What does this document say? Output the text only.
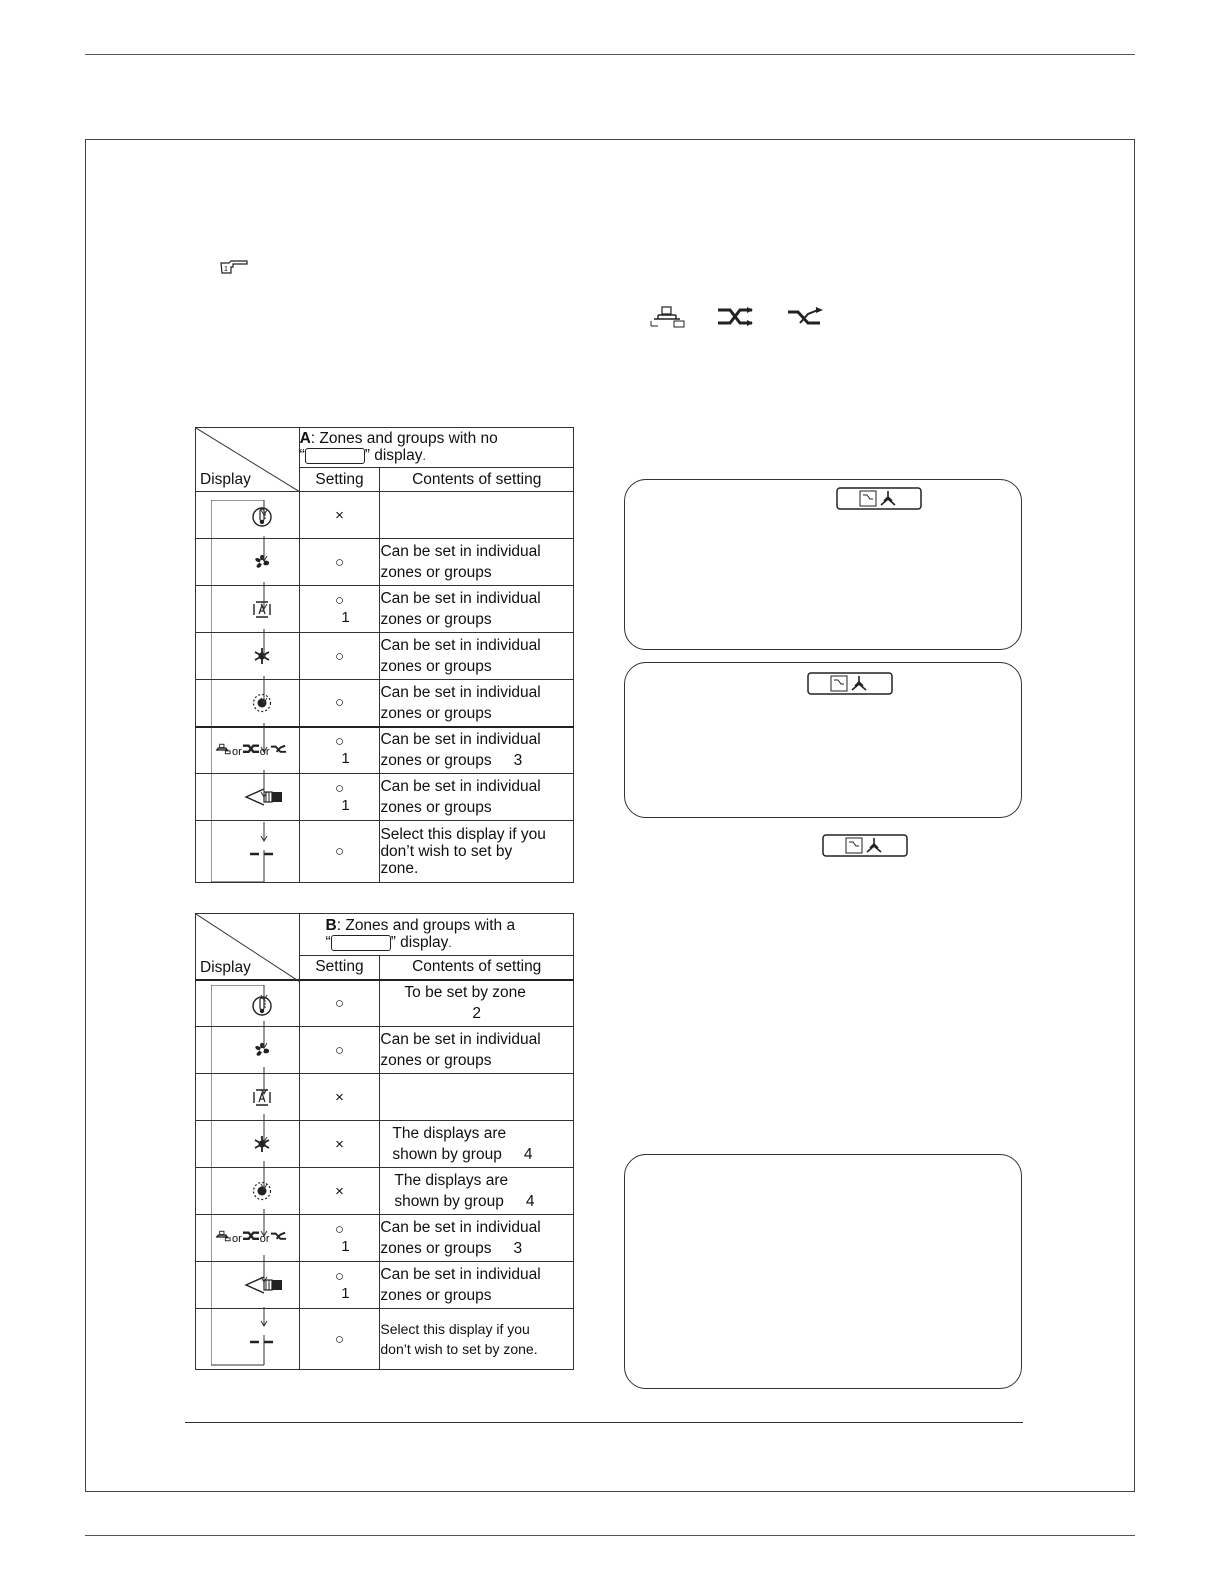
1
Display	A: Zones and groups with no
“ ” display.	
	Setting	Contents of setting

	×	

	○	Can be set in individual
zones or groups

	○
1	Can be set in individual
zones or groups

	○	Can be set in individual
zones or groups

	○	Can be set in individual
zones or groups

or or	○
1	Can be set in individual
zones or groups 3

	○
1	Can be set in individual
zones or groups

	○	Select this display if you
don’t wish to set by
zone.
Display	B: Zones and groups with a
“ ” display.	
	Setting	Contents of setting

	○	To be set by zone
2

	○	Can be set in individual
zones or groups

	×	

	×	The displays are
shown by group 4

	×	The displays are
shown by group 4

or or	○
1	Can be set in individual
zones or groups 3

	○
1	Can be set in individual
zones or groups

	○	Select this display if you
don’t wish to set by zone.
